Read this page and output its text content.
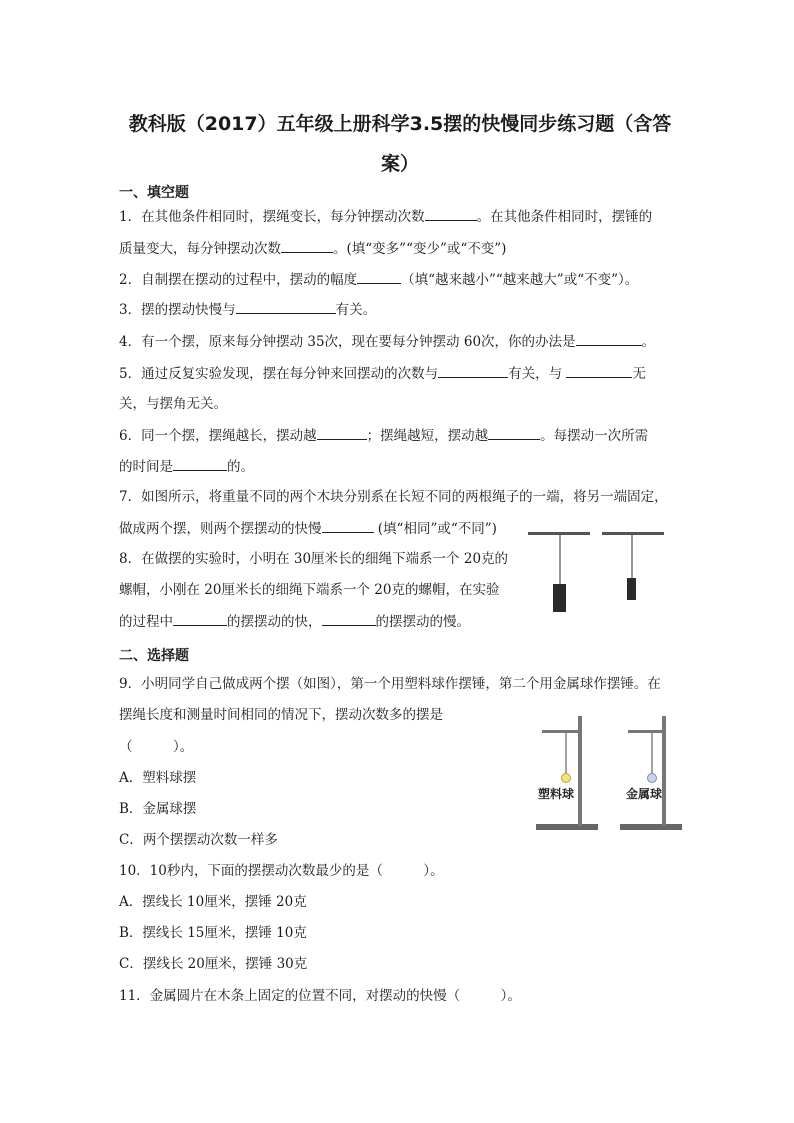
教科版（2017）五年级上册科学3.5摆的快慢同步练习题（含答
案）
一、填空题
1．在其他条件相同时，摆绳变长，每分钟摆动次数	。在其他条件相同时，摆锤的
质量变大，每分钟摆动次数	。(填“变多”“变少”或“不变”)
2．自制摆在摆动的过程中，摆动的幅度	（填“越来越小”“越来越大”或“不变”）。
3．摆的摆动快慢与	有关。
4．有一个摆，原来每分钟摆动 35次，现在要每分钟摆动 60次，你的办法是	。
5．通过反复实验发现，摆在每分钟来回摆动的次数与	有关，与	无
关，与摆角无关。
6．同一个摆，摆绳越长，摆动越	；摆绳越短，摆动越	。每摆动一次所需
的时间是	的。
7．如图所示，将重量不同的两个木块分别系在长短不同的两根绳子的一端，将另一端固定，
做成两个摆，则两个摆摆动的快慢	(填“相同”或“不同”)
8．在做摆的实验时，小明在 30厘米长的细绳下端系一个 20克的
螺帽，小刚在 20厘米长的细绳下端系一个 20克的螺帽，在实验
的过程中	的摆摆动的快，	的摆摆动的慢。
二、选择题
9．小明同学自己做成两个摆（如图），第一个用塑料球作摆锤，第二个用金属球作摆锤。在
摆绳长度和测量时间相同的情况下，摆动次数多的摆是
（　　　）。
A．塑料球摆
B．金属球摆
C．两个摆摆动次数一样多
塑料球	金属球
10．10秒内，下面的摆摆动次数最少的是（　　　）。
A．摆线长 10厘米，摆锤 20克
B．摆线长 15厘米，摆锤 10克
C．摆线长 20厘米，摆锤 30克
11．金属圆片在木条上固定的位置不同，对摆动的快慢（　　　）。
